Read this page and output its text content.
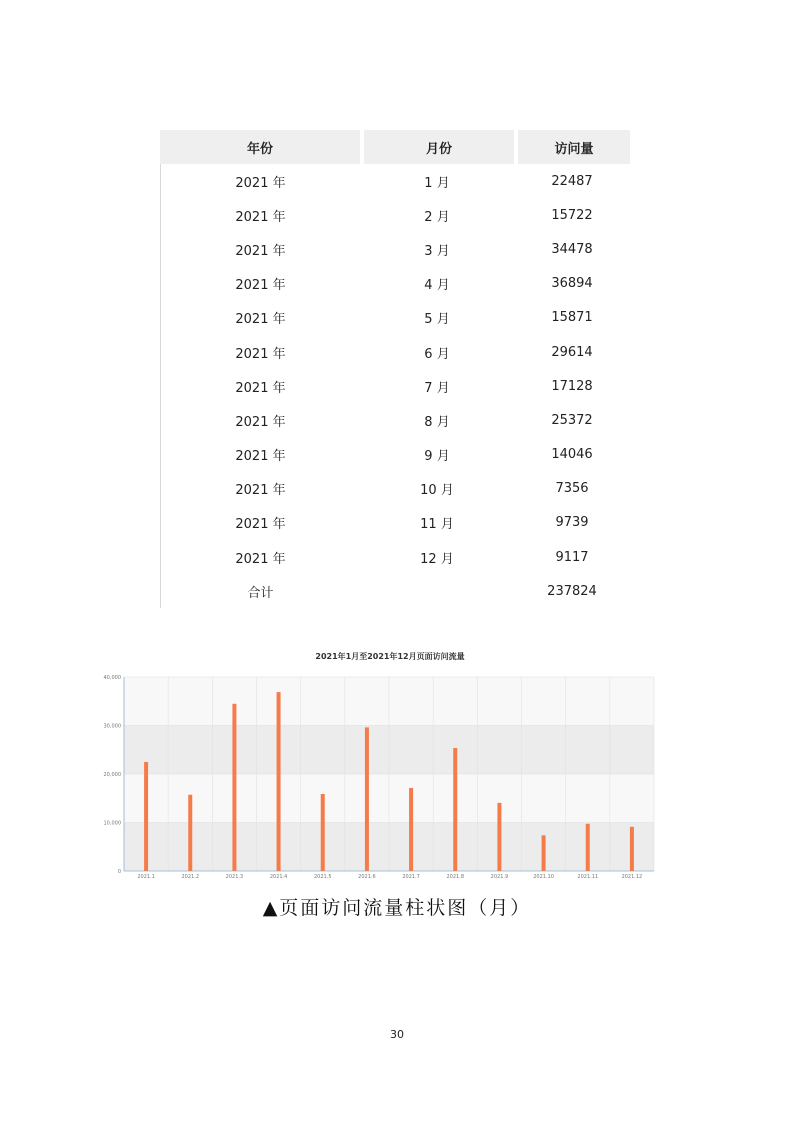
年份	月份	访问量
2021 年	1 月	22487
2021 年	2 月	15722
2021 年	3 月	34478
2021 年	4 月	36894
2021 年	5 月	15871
2021 年	6 月	29614
2021 年	7 月	17128
2021 年	8 月	25372
2021 年	9 月	14046
2021 年	10 月	7356
2021 年	11 月	9739
2021 年	12 月	9117
合计		237824
2021年1月至2021年12月页面访问流量
0
10,000
20,000
30,000
40,000
2021.1	2021.2	2021.3	2021.4	2021.5	2021.6	2021.7	2021.8	2021.9	2021.10	2021.11	2021.12
▲页面访问流量柱状图（月）
30
